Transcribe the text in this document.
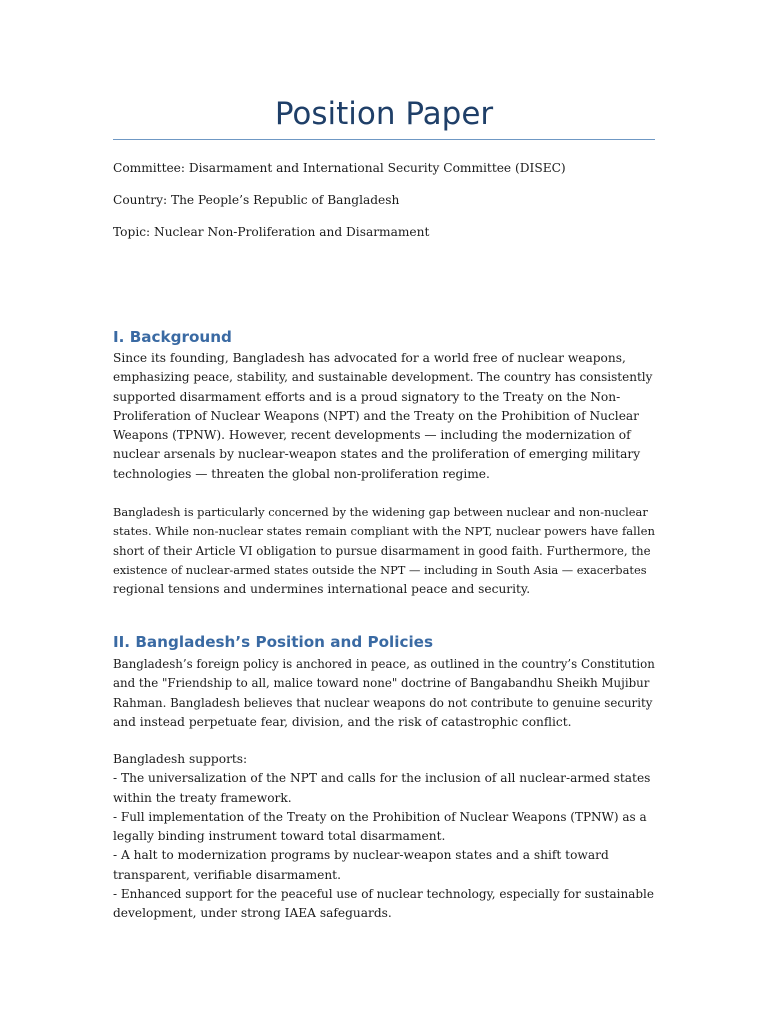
Position Paper

Committee: Disarmament and International Security Committee (DISEC)

Country: The People’s Republic of Bangladesh

Topic: Nuclear Non-Proliferation and Disarmament

I. Background
Since its founding, Bangladesh has advocated for a world free of nuclear weapons,
emphasizing peace, stability, and sustainable development. The country has consistently
supported disarmament efforts and is a proud signatory to the Treaty on the Non-
Proliferation of Nuclear Weapons (NPT) and the Treaty on the Prohibition of Nuclear
Weapons (TPNW). However, recent developments — including the modernization of
nuclear arsenals by nuclear-weapon states and the proliferation of emerging military
technologies — threaten the global non-proliferation regime.
Bangladesh is particularly concerned by the widening gap between nuclear and non-nuclear
states. While non-nuclear states remain compliant with the NPT, nuclear powers have fallen
short of their Article VI obligation to pursue disarmament in good faith. Furthermore, the
existence of nuclear-armed states outside the NPT — including in South Asia — exacerbates
regional tensions and undermines international peace and security.
II. Bangladesh’s Position and Policies
Bangladesh’s foreign policy is anchored in peace, as outlined in the country’s Constitution
and the "Friendship to all, malice toward none" doctrine of Bangabandhu Sheikh Mujibur
Rahman. Bangladesh believes that nuclear weapons do not contribute to genuine security
and instead perpetuate fear, division, and the risk of catastrophic conflict.
Bangladesh supports:
- The universalization of the NPT and calls for the inclusion of all nuclear-armed states
within the treaty framework.
- Full implementation of the Treaty on the Prohibition of Nuclear Weapons (TPNW) as a
legally binding instrument toward total disarmament.
- A halt to modernization programs by nuclear-weapon states and a shift toward
transparent, verifiable disarmament.
- Enhanced support for the peaceful use of nuclear technology, especially for sustainable
development, under strong IAEA safeguards.
